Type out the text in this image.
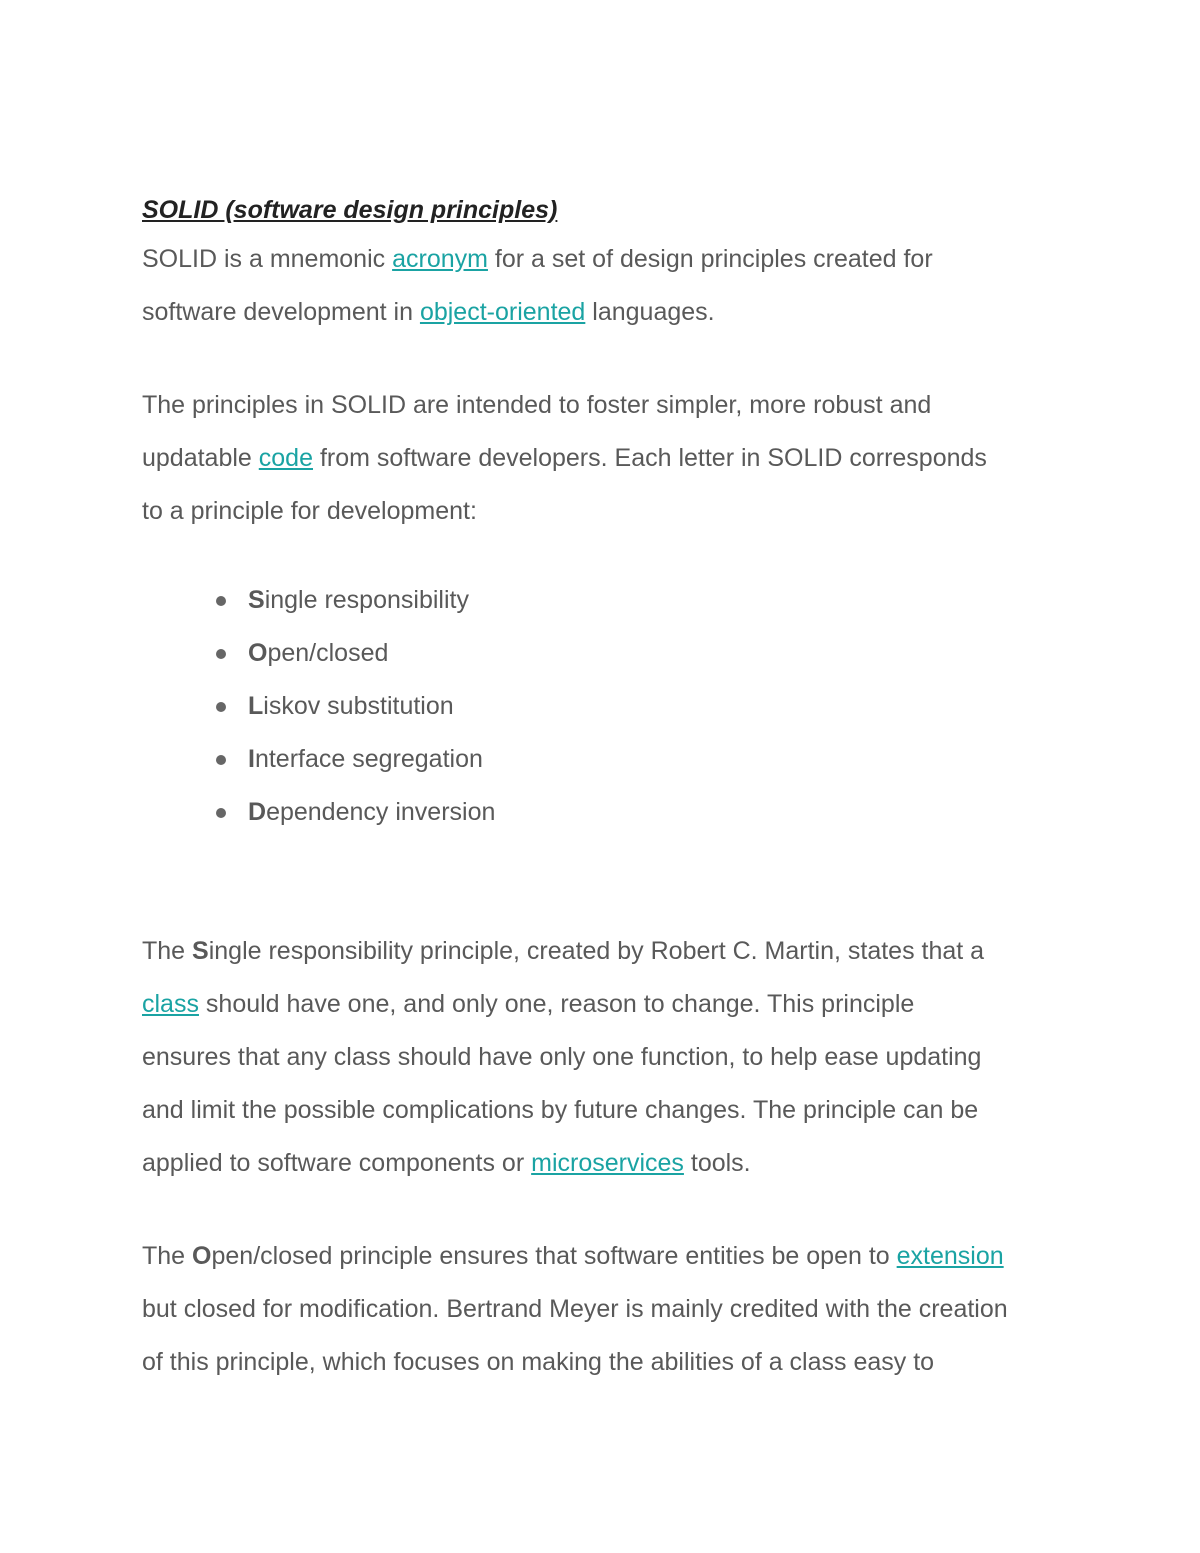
SOLID (software design principles)

SOLID is a mnemonic acronym for a set of design principles created for
software development in object-oriented languages.

The principles in SOLID are intended to foster simpler, more robust and
updatable code from software developers. Each letter in SOLID corresponds
to a principle for development:

Single responsibility
Open/closed
Liskov substitution
Interface segregation
Dependency inversion

The Single responsibility principle, created by Robert C. Martin, states that a
class should have one, and only one, reason to change. This principle
ensures that any class should have only one function, to help ease updating
and limit the possible complications by future changes. The principle can be
applied to software components or microservices tools.

The Open/closed principle ensures that software entities be open to extension
but closed for modification. Bertrand Meyer is mainly credited with the creation
of this principle, which focuses on making the abilities of a class easy to
